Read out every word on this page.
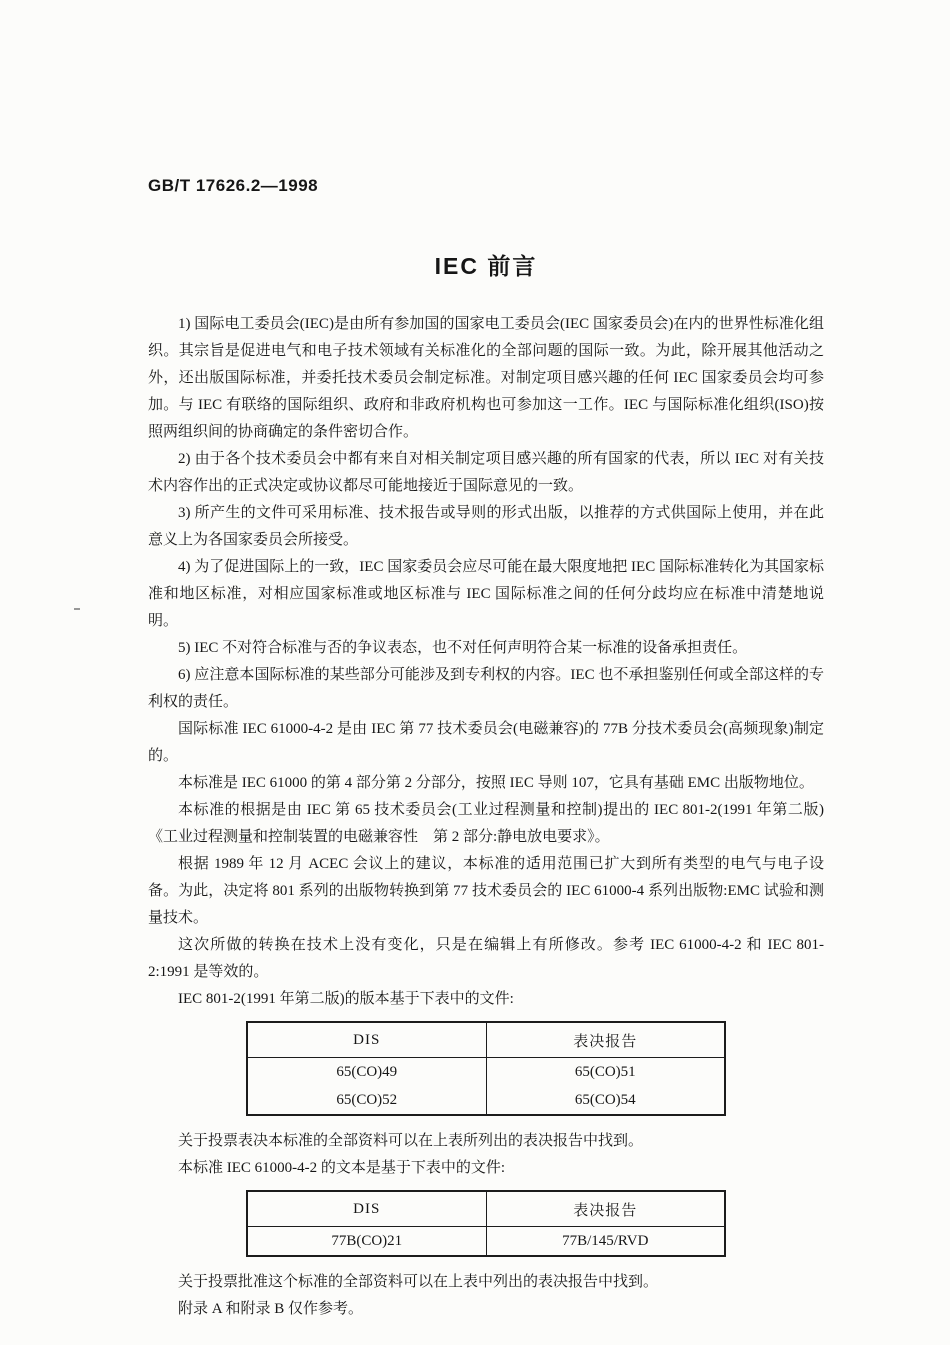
GB/T 17626.2—1998
IEC 前言

1) 国际电工委员会(IEC)是由所有参加国的国家电工委员会(IEC 国家委员会)在内的世界性标准化组织。其宗旨是促进电气和电子技术领域有关标准化的全部问题的国际一致。为此，除开展其他活动之外，还出版国际标准，并委托技术委员会制定标准。对制定项目感兴趣的任何 IEC 国家委员会均可参加。与 IEC 有联络的国际组织、政府和非政府机构也可参加这一工作。IEC 与国际标准化组织(ISO)按照两组织间的协商确定的条件密切合作。

2) 由于各个技术委员会中都有来自对相关制定项目感兴趣的所有国家的代表，所以 IEC 对有关技术内容作出的正式决定或协议都尽可能地接近于国际意见的一致。

3) 所产生的文件可采用标准、技术报告或导则的形式出版，以推荐的方式供国际上使用，并在此意义上为各国家委员会所接受。

4) 为了促进国际上的一致，IEC 国家委员会应尽可能在最大限度地把 IEC 国际标准转化为其国家标准和地区标准，对相应国家标准或地区标准与 IEC 国际标准之间的任何分歧均应在标准中清楚地说明。

5) IEC 不对符合标准与否的争议表态，也不对任何声明符合某一标准的设备承担责任。

6) 应注意本国际标准的某些部分可能涉及到专利权的内容。IEC 也不承担鉴别任何或全部这样的专利权的责任。

国际标准 IEC 61000-4-2 是由 IEC 第 77 技术委员会(电磁兼容)的 77B 分技术委员会(高频现象)制定的。

本标准是 IEC 61000 的第 4 部分第 2 分部分，按照 IEC 导则 107，它具有基础 EMC 出版物地位。

本标准的根据是由 IEC 第 65 技术委员会(工业过程测量和控制)提出的 IEC 801-2(1991 年第二版)《工业过程测量和控制装置的电磁兼容性　第 2 部分:静电放电要求》。

根据 1989 年 12 月 ACEC 会议上的建议，本标准的适用范围已扩大到所有类型的电气与电子设备。为此，决定将 801 系列的出版物转换到第 77 技术委员会的 IEC 61000-4 系列出版物:EMC 试验和测量技术。

这次所做的转换在技术上没有变化，只是在编辑上有所修改。参考 IEC 61000-4-2 和 IEC 801-2:1991 是等效的。

IEC 801-2(1991 年第二版)的版本基于下表中的文件:

DIS	表决报告
65(CO)49	65(CO)51
65(CO)52	65(CO)54

关于投票表决本标准的全部资料可以在上表所列出的表决报告中找到。

本标准 IEC 61000-4-2 的文本是基于下表中的文件:

DIS	表决报告
77B(CO)21	77B/145/RVD

关于投票批准这个标准的全部资料可以在上表中列出的表决报告中找到。

附录 A 和附录 B 仅作参考。
